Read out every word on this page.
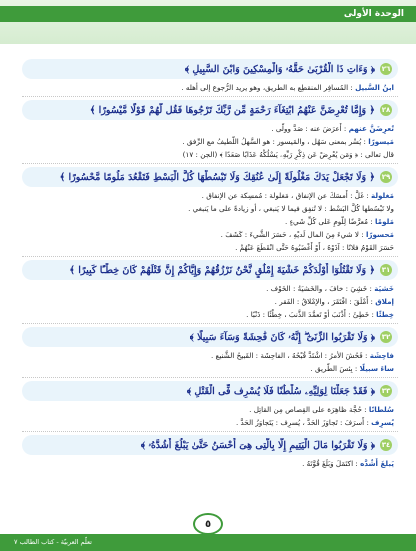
الوحدة الأولى
٢٦
﴿ وَءَاتِ ذَا الْقُرْبَىٰ حَقَّهُۥ وَالْمِسْكِينَ وَابْنَ السَّبِيلِ ﴾
ابنُ السَّبيل : المُسافِر المنقطِع به الطريق، وهو يريد الرُّجوع إلى أهله .
٢٨
﴿ وَإِمَّا تُعْرِضَنَّ عَنْهُمُ ابْتِغَآءَ رَحْمَةٍ مِّن رَّبِّكَ تَرْجُوهَا فَقُل لَّهُمْ قَوْلًا مَّيْسُورًا ﴾
تُعرِضَنَّ عنهم : أَعرَضَ عنه : صَدَّ وولَّى .
مَيسورًا : يُسْر بمعنى سَهُل ، والمَيسور : هو السَّهلُ اللَّطيفُ مع الرِّفق .
قال تعالى : ﴿ وَمَن يُعْرِضْ عَن ذِكْرِ رَبِّهِۦ يَسْلُكْهُ عَذَابًا صَعَدًا ﴾ (الجن : ١٧)
٢٩
﴿ وَلَا تَجْعَلْ يَدَكَ مَغْلُولَةً إِلَىٰ عُنُقِكَ وَلَا تَبْسُطْهَا كُلَّ الْبَسْطِ فَتَقْعُدَ مَلُومًا مَّحْسُورًا ﴾
مَغلولة : غَلَّ : أَمسَكَ عن الإنفاق ، مَغلولة : مُمسِكة عن الإنفاق .
ولا تَبْسُطها كُلَّ البَسْط : لا تُنفِق فيما لا يَنبغي ، أو زيادةً على ما يَنبغي .
مَلومًا : مُعرَّضًا لِلَّومِ عَلى كُلِّ شَيءٍ .
مَحسورًا : لا شيءَ مِنَ المال لَديْهِ ، حَسَرَ الشَّيءَ : كَشَفَ .
حَسَرَ القَوْمُ فلانًا : آذَوْهُ ، أَوْ أَغْضَبُوهُ حَتَّى انْقَطَعَ عَنْهُمْ .
٣١
﴿ وَلَا تَقْتُلُوٓا أَوْلَٰدَكُمْ خَشْيَةَ إِمْلَٰقٍ نَّحْنُ نَرْزُقُهُمْ وَإِيَّاكُمْ إِنَّ قَتْلَهُمْ كَانَ خِطْـًٔا كَبِيرًا ﴾
خَشيَة : خَشِيَ : خافَ ، والخَشيَةُ : الخَوْف .
إملاق : أَمْلَقَ : افْتَقَرَ ، والإمْلاقُ : الفَقر .
خِطئًا : خَطِئَ : أَذْنَبَ أوْ تَعمَّدَ الذَّنبَ ، خِطْئًا : ذَنْبًا .
٣٢
﴿ وَلَا تَقْرَبُوا الزِّنَىٰٓ ۖ إِنَّهُۥ كَانَ فَٰحِشَةً وَسَآءَ سَبِيلًا ﴾
فاحِشَة : فَحُشَ الأمرُ : اشْتَدَّ قُبْحُهُ ، الفاحِشَة : القَبيحُ الشَّنيع .
ساءَ سبيلًا : بِئسَ الطَّريق .
٣٣
﴿ فَقَدْ جَعَلْنَا لِوَلِيِّهِۦ سُلْطَٰنًا فَلَا يُسْرِف فِّى الْقَتْلِ ﴾
سُلطانًا : حُجَّة ظاهِرَة على القِصاص مِن القاتِل .
يُسرِف : أَسرَفَ : تَجاوَزَ الحَدَّ ، يُسرِف : يَتَجاوَزُ الحَدَّ .
٣٤
﴿ وَلَا تَقْرَبُوا مَالَ الْيَتِيمِ إِلَّا بِالَّتِى هِىَ أَحْسَنُ حَتَّىٰ يَبْلُغَ أَشُدَّهُۥ ﴾
يَبلغَ أَشُدَّه : اكتَمَلَ وَبَلَغَ قُوَّتَهُ .
٥
تعلّم العربيّة - كتاب الطالب ٧
